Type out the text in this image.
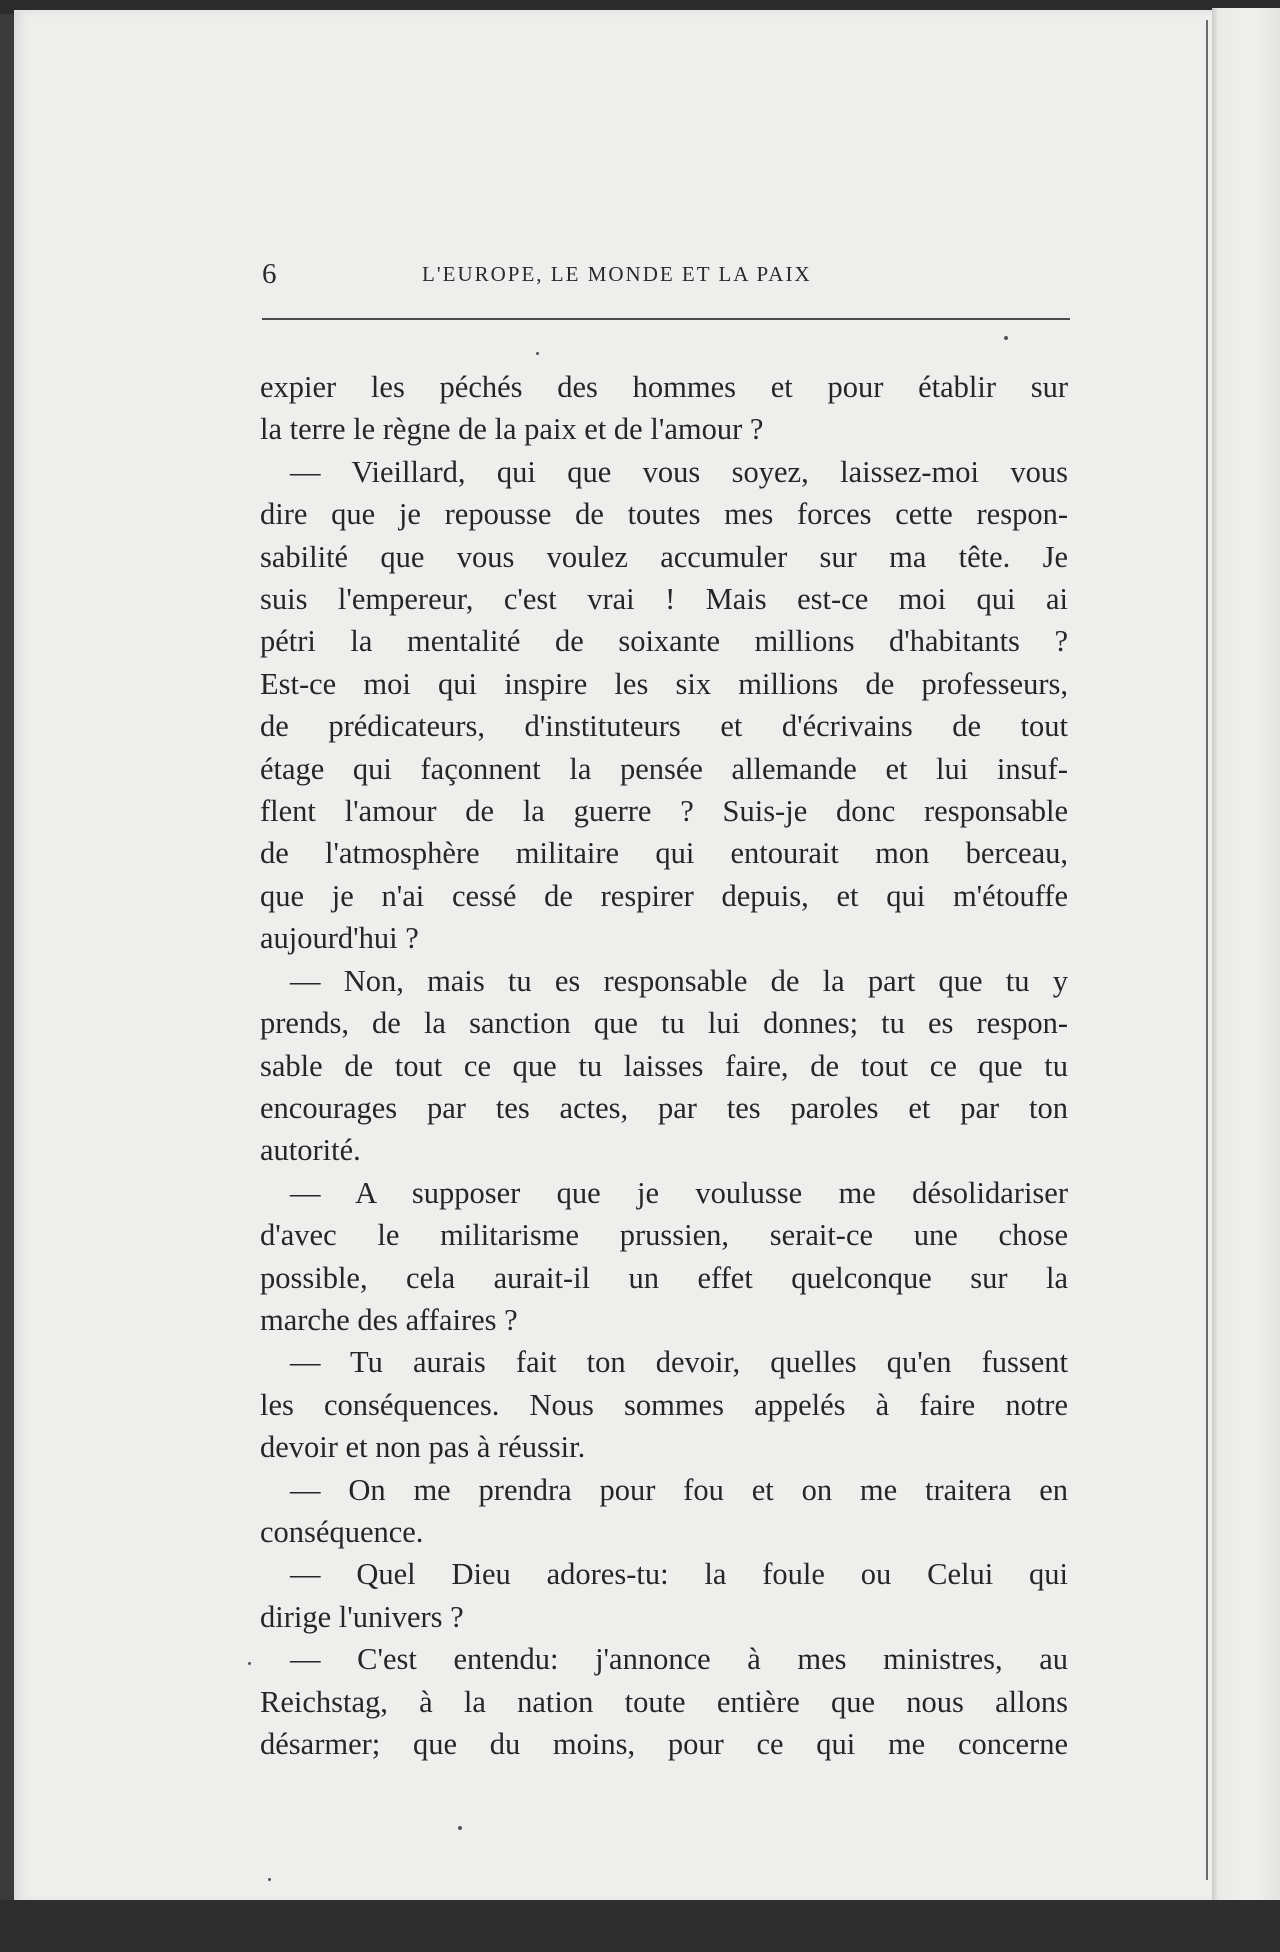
6	L'EUROPE, LE MONDE ET LA PAIX
expier les péchés des hommes et pour établir sur
la terre le règne de la paix et de l'amour ?
— Vieillard, qui que vous soyez, laissez-moi vous
dire que je repousse de toutes mes forces cette respon-
sabilité que vous voulez accumuler sur ma tête. Je
suis l'empereur, c'est vrai ! Mais est-ce moi qui ai
pétri la mentalité de soixante millions d'habitants ?
Est-ce moi qui inspire les six millions de professeurs,
de prédicateurs, d'instituteurs et d'écrivains de tout
étage qui façonnent la pensée allemande et lui insuf-
flent l'amour de la guerre ? Suis-je donc responsable
de l'atmosphère militaire qui entourait mon berceau,
que je n'ai cessé de respirer depuis, et qui m'étouffe
aujourd'hui ?
— Non, mais tu es responsable de la part que tu y
prends, de la sanction que tu lui donnes; tu es respon-
sable de tout ce que tu laisses faire, de tout ce que tu
encourages par tes actes, par tes paroles et par ton
autorité.
— A supposer que je voulusse me désolidariser
d'avec le militarisme prussien, serait-ce une chose
possible, cela aurait-il un effet quelconque sur la
marche des affaires ?
— Tu aurais fait ton devoir, quelles qu'en fussent
les conséquences. Nous sommes appelés à faire notre
devoir et non pas à réussir.
— On me prendra pour fou et on me traitera en
conséquence.
— Quel Dieu adores-tu: la foule ou Celui qui
dirige l'univers ?
— C'est entendu: j'annonce à mes ministres, au
Reichstag, à la nation toute entière que nous allons
désarmer; que du moins, pour ce qui me concerne
